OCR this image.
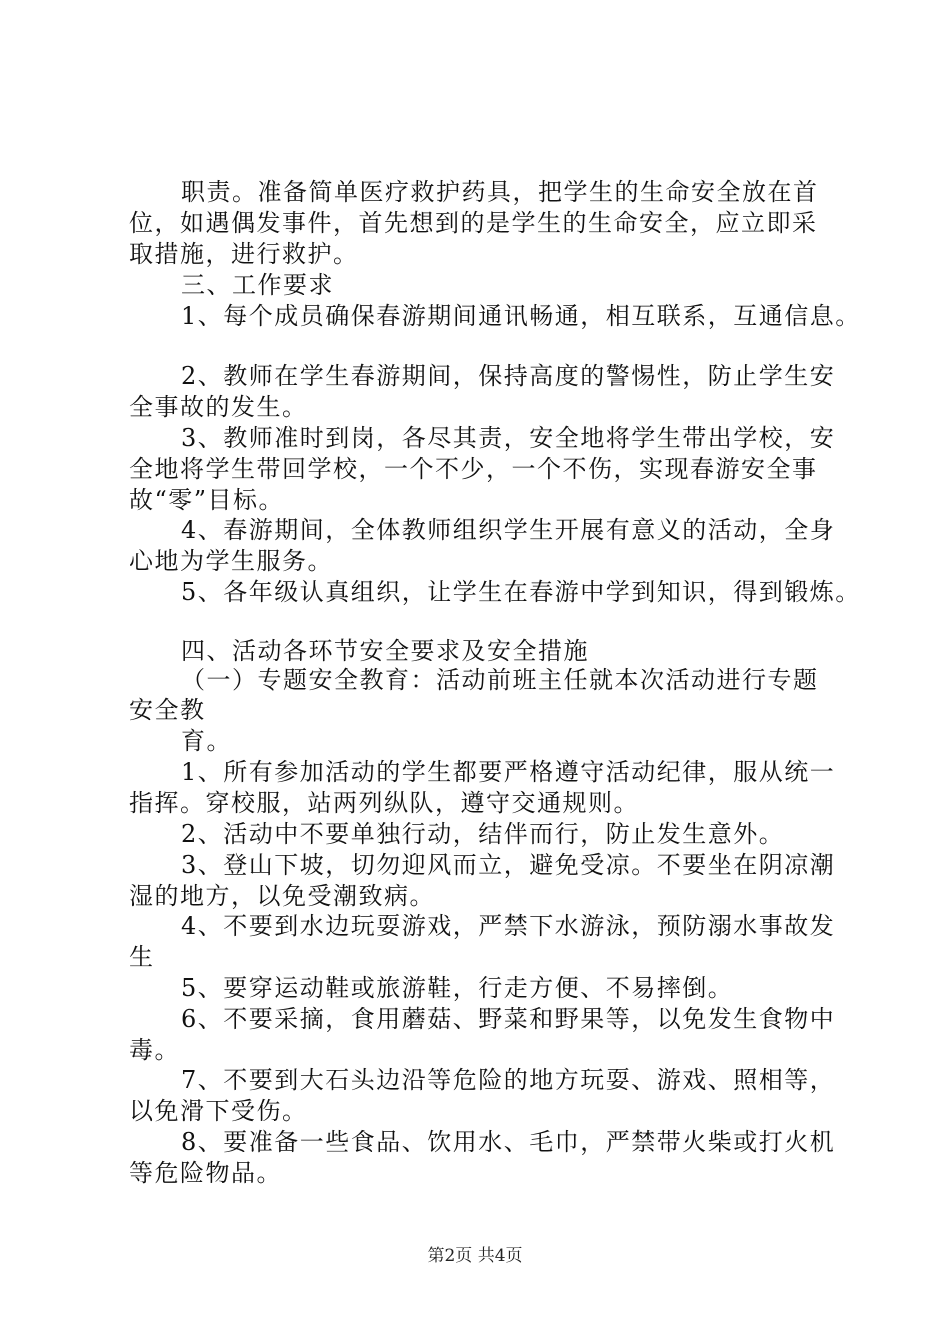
职责。准备简单医疗救护药具，把学生的生命安全放在首
位，如遇偶发事件，首先想到的是学生的生命安全，应立即采
取措施，进行救护。
三、工作要求
1、每个成员确保春游期间通讯畅通，相互联系，互通信息。
2、教师在学生春游期间，保持高度的警惕性，防止学生安
全事故的发生。
3、教师准时到岗，各尽其责，安全地将学生带出学校，安
全地将学生带回学校，一个不少，一个不伤，实现春游安全事
故“零”目标。
4、春游期间，全体教师组织学生开展有意义的活动，全身
心地为学生服务。
5、各年级认真组织，让学生在春游中学到知识，得到锻炼。
四、活动各环节安全要求及安全措施
（一）专题安全教育：活动前班主任就本次活动进行专题
安全教
育。
1、所有参加活动的学生都要严格遵守活动纪律，服从统一
指挥。穿校服，站两列纵队，遵守交通规则。
2、活动中不要单独行动，结伴而行，防止发生意外。
3、登山下坡，切勿迎风而立，避免受凉。不要坐在阴凉潮
湿的地方，以免受潮致病。
4、不要到水边玩耍游戏，严禁下水游泳，预防溺水事故发
生
5、要穿运动鞋或旅游鞋，行走方便、不易摔倒。
6、不要采摘，食用蘑菇、野菜和野果等，以免发生食物中
毒。
7、不要到大石头边沿等危险的地方玩耍、游戏、照相等，
以免滑下受伤。
8、要准备一些食品、饮用水、毛巾，严禁带火柴或打火机
等危险物品。
第2页 共4页
